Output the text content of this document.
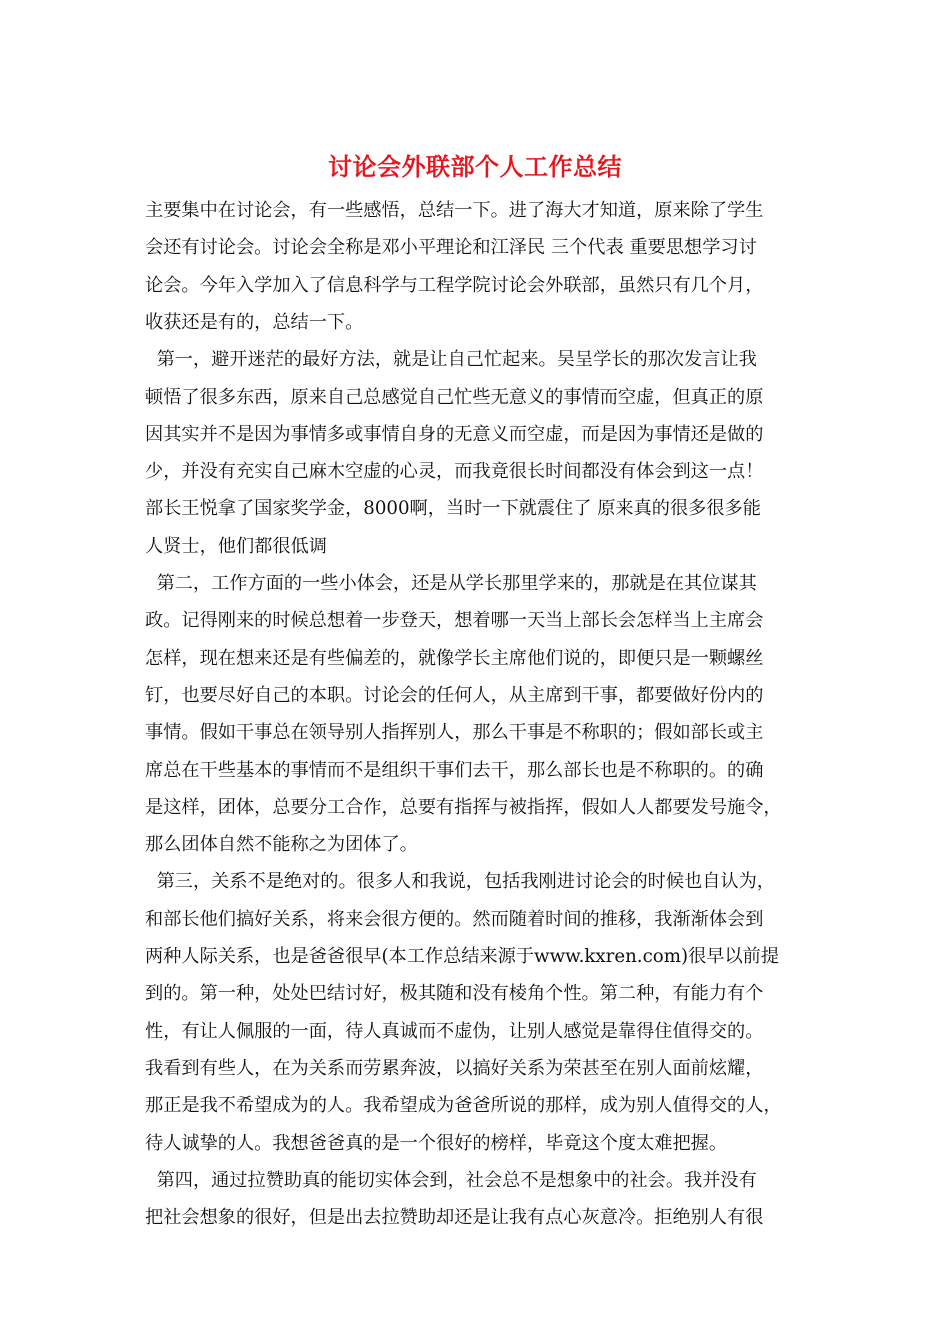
讨论会外联部个人工作总结
主要集中在讨论会，有一些感悟，总结一下。进了海大才知道，原来除了学生
会还有讨论会。讨论会全称是邓小平理论和江泽民 三个代表 重要思想学习讨
论会。今年入学加入了信息科学与工程学院讨论会外联部，虽然只有几个月，
收获还是有的，总结一下。
第一，避开迷茫的最好方法，就是让自己忙起来。吴呈学长的那次发言让我
顿悟了很多东西，原来自己总感觉自己忙些无意义的事情而空虚，但真正的原
因其实并不是因为事情多或事情自身的无意义而空虚，而是因为事情还是做的
少，并没有充实自己麻木空虚的心灵，而我竟很长时间都没有体会到这一点！
部长王悦拿了国家奖学金，8000啊，当时一下就震住了 原来真的很多很多能
人贤士，他们都很低调
第二，工作方面的一些小体会，还是从学长那里学来的，那就是在其位谋其
政。记得刚来的时候总想着一步登天，想着哪一天当上部长会怎样当上主席会
怎样，现在想来还是有些偏差的，就像学长主席他们说的，即便只是一颗螺丝
钉，也要尽好自己的本职。讨论会的任何人，从主席到干事，都要做好份内的
事情。假如干事总在领导别人指挥别人，那么干事是不称职的；假如部长或主
席总在干些基本的事情而不是组织干事们去干，那么部长也是不称职的。的确
是这样，团体，总要分工合作，总要有指挥与被指挥，假如人人都要发号施令，
那么团体自然不能称之为团体了。
第三，关系不是绝对的。很多人和我说，包括我刚进讨论会的时候也自认为，
和部长他们搞好关系，将来会很方便的。然而随着时间的推移，我渐渐体会到
两种人际关系，也是爸爸很早(本工作总结来源于www.kxren.com)很早以前提
到的。第一种，处处巴结讨好，极其随和没有棱角个性。第二种，有能力有个
性，有让人佩服的一面，待人真诚而不虚伪，让别人感觉是靠得住值得交的。
我看到有些人，在为关系而劳累奔波，以搞好关系为荣甚至在别人面前炫耀，
那正是我不希望成为的人。我希望成为爸爸所说的那样，成为别人值得交的人，
待人诚挚的人。我想爸爸真的是一个很好的榜样，毕竟这个度太难把握。
第四，通过拉赞助真的能切实体会到，社会总不是想象中的社会。我并没有
把社会想象的很好，但是出去拉赞助却还是让我有点心灰意冷。拒绝别人有很
